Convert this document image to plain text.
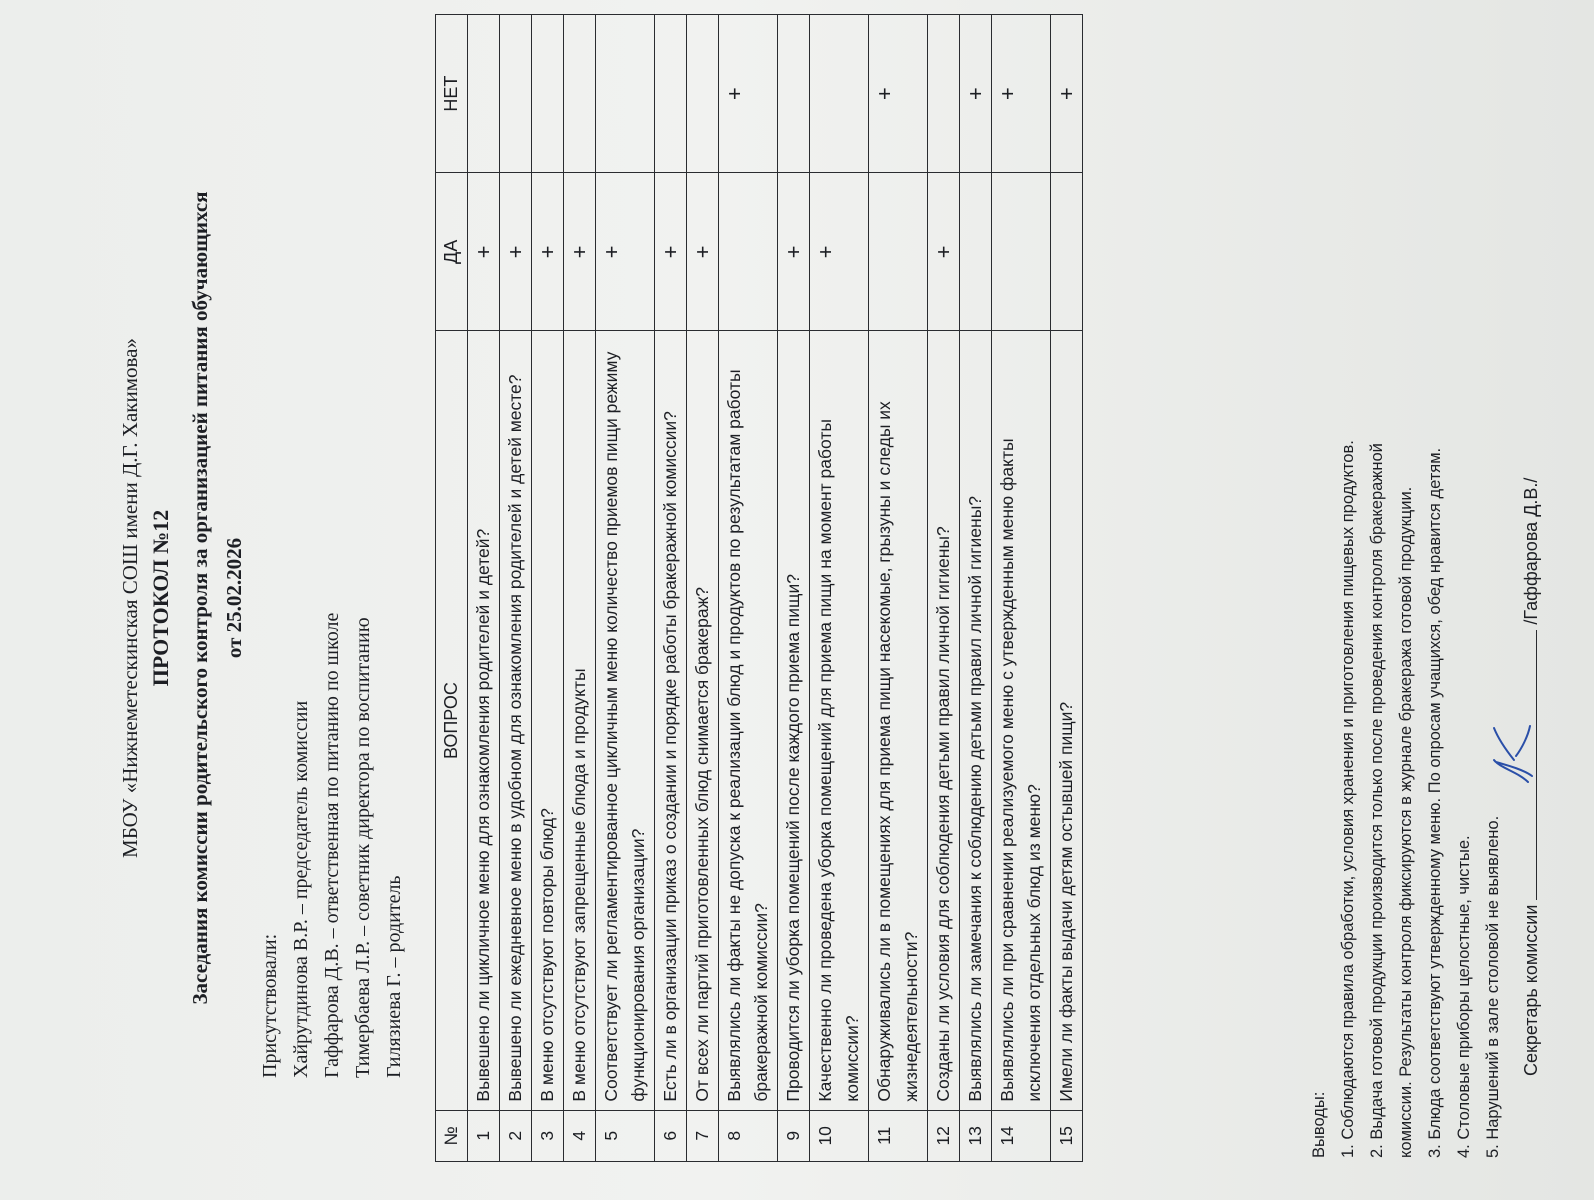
МБОУ «Нижнеметескинская СОШ имени Д.Г. Хакимова» ПРОТОКОЛ №12 Заседания комиссии родительского контроля за организацией питания обучающихся от 25.02.2026
Присутствовали: Хайрутдинова В.Р. – председатель комиссии Гаффарова Д.В. – ответственная по питанию по школе Тимербаева Л.Р. – советник директора по воспитанию Гилязиева Г. – родитель
№	ВОПРОС	ДА	НЕТ
1	Вывешено ли цикличное меню для ознакомления родителей и детей?	+	
2	Вывешено ли ежедневное меню в удобном для ознакомления родителей и детей месте?	+	
3	В меню отсутствуют повторы блюд?	+	
4	В меню отсутствуют запрещенные блюда и продукты	+	
5	Соответствует ли регламентированное цикличным меню количество приемов пищи режиму функционирования организации?	+	
6	Есть ли в организации приказ о создании и порядке работы бракеражной комиссии?	+	
7	От всех ли партий приготовленных блюд снимается бракераж?	+	
8	Выявлялись ли факты не допуска к реализации блюд и продуктов по результатам работы бракеражной комиссии?		+
9	Проводится ли уборка помещений после каждого приема пищи?	+	
10	Качественно ли проведена уборка помещений для приема пищи на момент работы комиссии?	+	
11	Обнаруживались ли в помещениях для приема пищи насекомые, грызуны и следы их жизнедеятельности?		+
12	Созданы ли условия для соблюдения детьми правил личной гигиены?	+	
13	Выявлялись ли замечания к соблюдению детьми правил личной гигиены?		+
14	Выявлялись ли при сравнении реализуемого меню с утвержденным меню факты исключения отдельных блюд из меню?		+
15	Имели ли факты выдачи детям остывшей пищи?		+
Выводы: 1. Соблюдаются правила обработки, условия хранения и приготовления пищевых продуктов. 2. Выдача готовой продукции производится только после проведения контроля бракеражной комиссии. Результаты контроля фиксируются в журнале бракеража готовой продукции. 3. Блюда соответствуют утвержденному меню. По опросам учащихся, обед нравится детям. 4. Столовые приборы целостные, чистые. 5. Нарушений в зале столовой не выявлено.	Секретарь комиссии
/Гаффарова Д.В./
